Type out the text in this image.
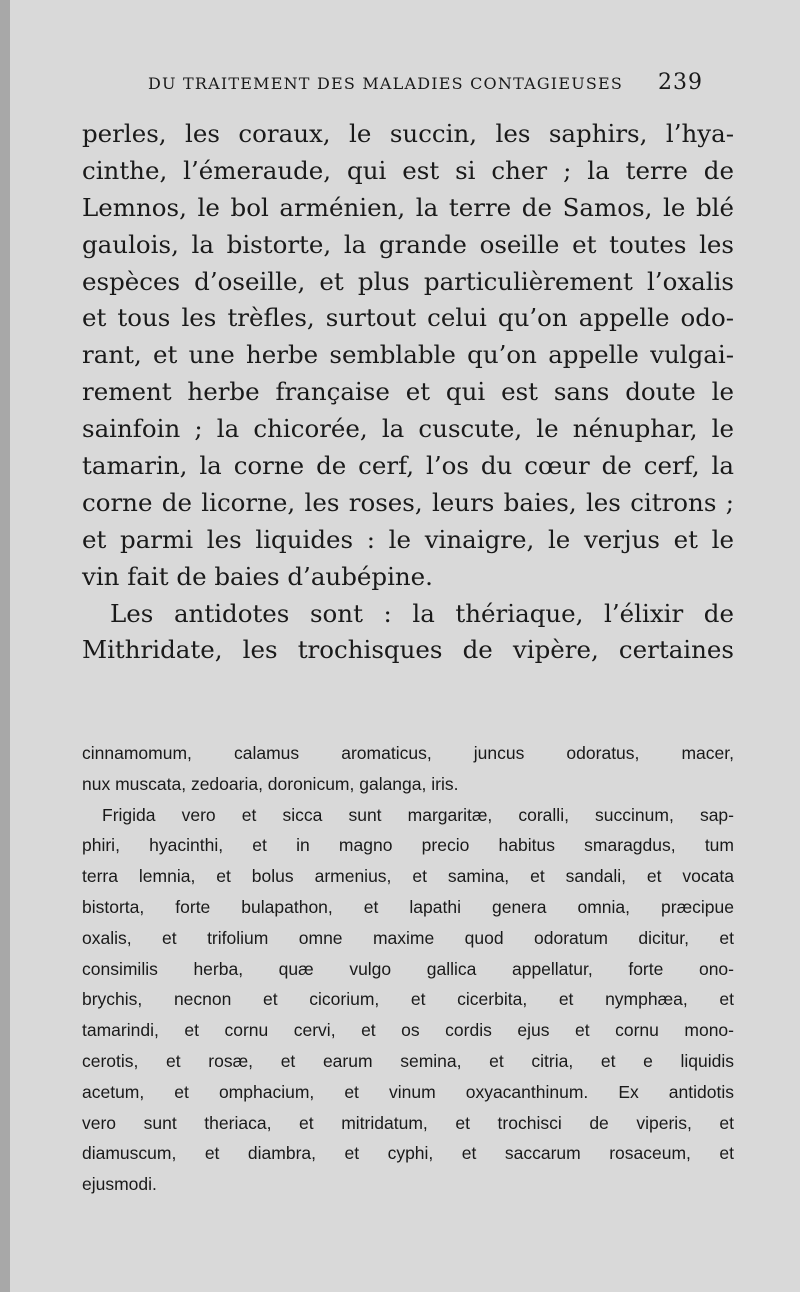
DU TRAITEMENT DES MALADIES CONTAGIEUSES 239
perles, les coraux, le succin, les saphirs, l’hya-
cinthe, l’émeraude, qui est si cher ; la terre de
Lemnos, le bol arménien, la terre de Samos, le blé
gaulois, la bistorte, la grande oseille et toutes les
espèces d’oseille, et plus particulièrement l’oxalis
et tous les trèfles, surtout celui qu’on appelle odo-
rant, et une herbe semblable qu’on appelle vulgai-
rement herbe française et qui est sans doute le
sainfoin ; la chicorée, la cuscute, le nénuphar, le
tamarin, la corne de cerf, l’os du cœur de cerf, la
corne de licorne, les roses, leurs baies, les citrons ;
et parmi les liquides : le vinaigre, le verjus et le
vin fait de baies d’aubépine.
Les antidotes sont : la thériaque, l’élixir de
Mithridate, les trochisques de vipère, certaines
cinnamomum, calamus aromaticus, juncus odoratus, macer,
nux muscata, zedoaria, doronicum, galanga, iris.
Frigida vero et sicca sunt margaritæ, coralli, succinum, sap-
phiri, hyacinthi, et in magno precio habitus smaragdus, tum
terra lemnia, et bolus armenius, et samina, et sandali, et vocata
bistorta, forte bulapathon, et lapathi genera omnia, præcipue
oxalis, et trifolium omne maxime quod odoratum dicitur, et
consimilis herba, quæ vulgo gallica appellatur, forte ono-
brychis, necnon et cicorium, et cicerbita, et nymphæa, et
tamarindi, et cornu cervi, et os cordis ejus et cornu mono-
cerotis, et rosæ, et earum semina, et citria, et e liquidis
acetum, et omphacium, et vinum oxyacanthinum. Ex antidotis
vero sunt theriaca, et mitridatum, et trochisci de viperis, et
diamuscum, et diambra, et cyphi, et saccarum rosaceum, et
ejusmodi.
